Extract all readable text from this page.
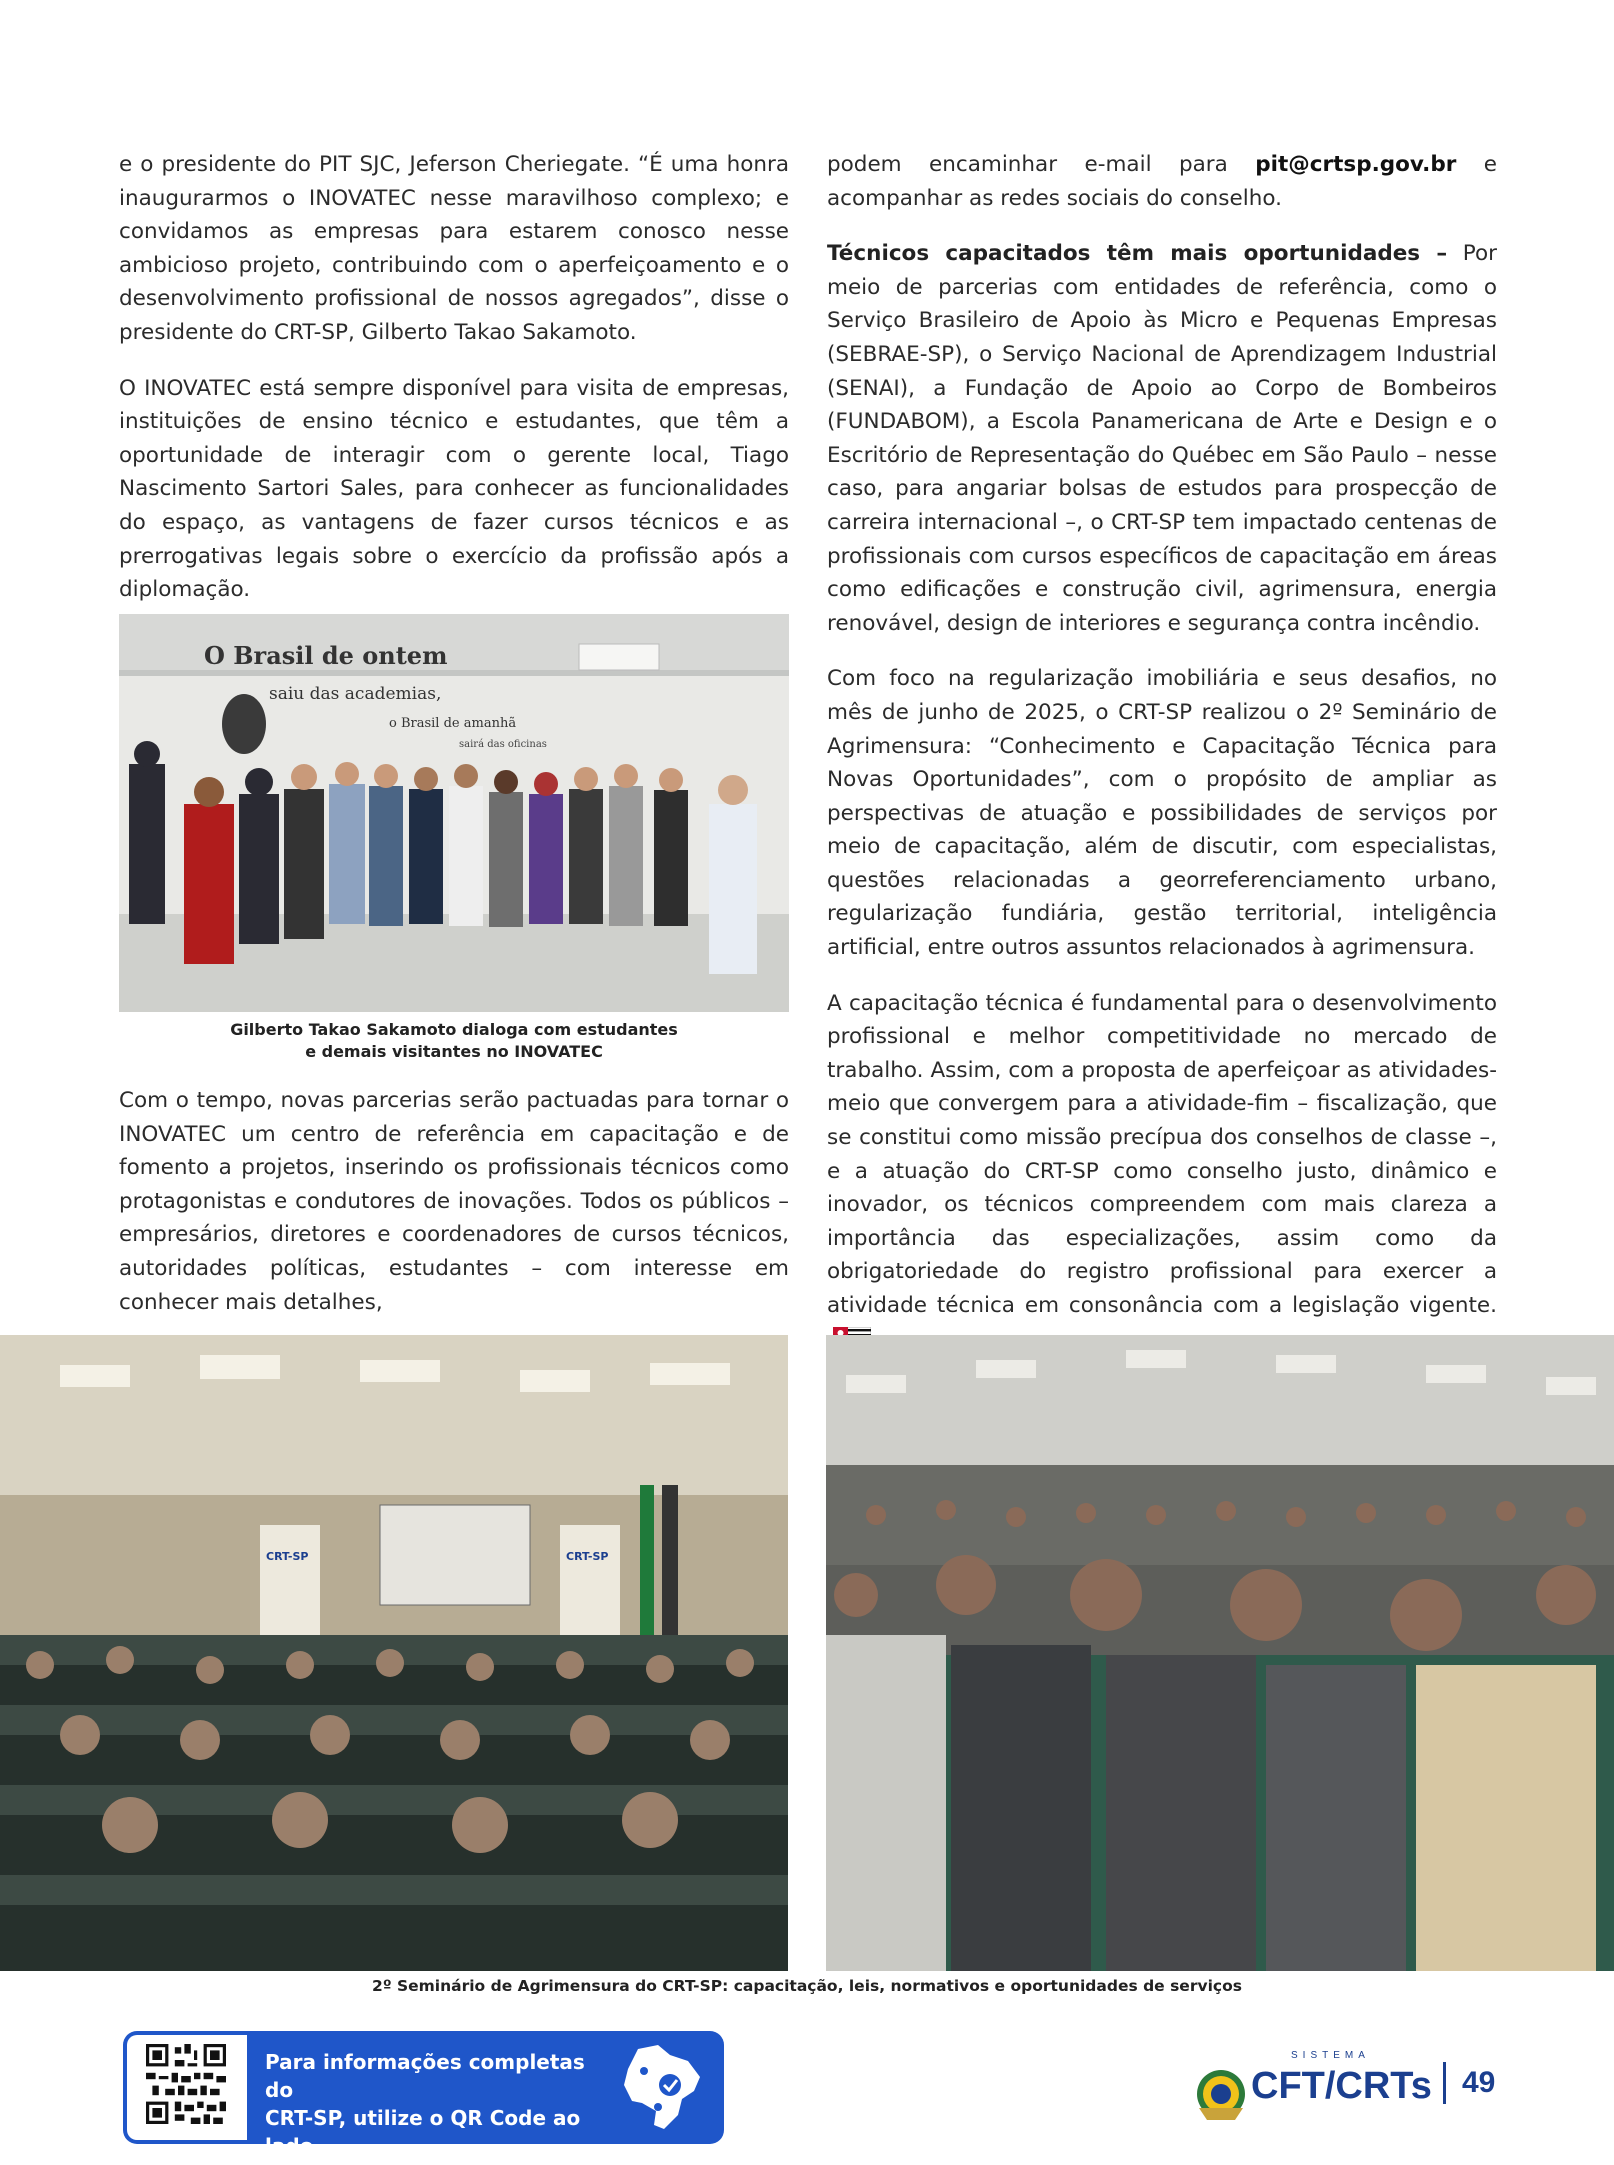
e o presidente do PIT SJC, Jeferson Cheriegate. “É uma honra inaugurarmos o INOVATEC nesse maravilhoso complexo; e convidamos as empresas para estarem conosco nesse ambicioso projeto, contribuindo com o aperfeiçoamento e o desenvolvimento profissional de nossos agregados”, disse o presidente do CRT-SP, Gilberto Takao Sakamoto.

O INOVATEC está sempre disponível para visita de empresas, instituições de ensino técnico e estudantes, que têm a oportunidade de interagir com o gerente local, Tiago Nascimento Sartori Sales, para conhecer as funcionalidades do espaço, as vantagens de fazer cursos técnicos e as prerrogativas legais sobre o exercício da profissão após a diplomação.

O Brasil de ontem
saiu das academias,
o Brasil de amanhã
sairá das oficinas
Gilberto Takao Sakamoto dialoga com estudantes
e demais visitantes no INOVATEC

Com o tempo, novas parcerias serão pactuadas para tornar o INOVATEC um centro de referência em capacitação e de fomento a projetos, inserindo os profissionais técnicos como protagonistas e condutores de inovações. Todos os públicos – empresários, diretores e coordenadores de cursos técnicos, autoridades políticas, estudantes – com interesse em conhecer mais detalhes,

podem encaminhar e-mail para pit@crtsp.gov.br e acompanhar as redes sociais do conselho.

Técnicos capacitados têm mais oportunidades – Por meio de parcerias com entidades de referência, como o Serviço Brasileiro de Apoio às Micro e Pequenas Empresas (SEBRAE-SP), o Serviço Nacional de Aprendizagem Industrial (SENAI), a Fundação de Apoio ao Corpo de Bombeiros (FUNDABOM), a Escola Panamericana de Arte e Design e o Escritório de Representação do Québec em São Paulo – nesse caso, para angariar bolsas de estudos para prospecção de carreira internacional –, o CRT-SP tem impactado centenas de profissionais com cursos específicos de capacitação em áreas como edificações e construção civil, agrimensura, energia renovável, design de interiores e segurança contra incêndio.

Com foco na regularização imobiliária e seus desafios, no mês de junho de 2025, o CRT-SP realizou o 2º Seminário de Agrimensura: “Conhecimento e Capacitação Técnica para Novas Oportunidades”, com o propósito de ampliar as perspectivas de atuação e possibilidades de serviços por meio de capacitação, além de discutir, com especialistas, questões relacionadas a georreferenciamento urbano, regularização fundiária, gestão territorial, inteligência artificial, entre outros assuntos relacionados à agrimensura.

A capacitação técnica é fundamental para o desenvolvimento profissional e melhor competitividade no mercado de trabalho. Assim, com a proposta de aperfeiçoar as atividades-meio que convergem para a atividade-fim – fiscalização, que se constitui como missão precípua dos conselhos de classe –, e a atuação do CRT-SP como conselho justo, dinâmico e inovador, os técnicos compreendem com mais clareza a importância das especializações, assim como da obrigatoriedade do registro profissional para exercer a atividade técnica em consonância com a legislação vigente.

CRT-SP	CRT-SP
2º Seminário de Agrimensura do CRT-SP: capacitação, leis, normativos e oportunidades de serviços
Para informações completas do
CRT-SP, utilize o QR Code ao lado
SISTEMA
CFT/CRTs 49
